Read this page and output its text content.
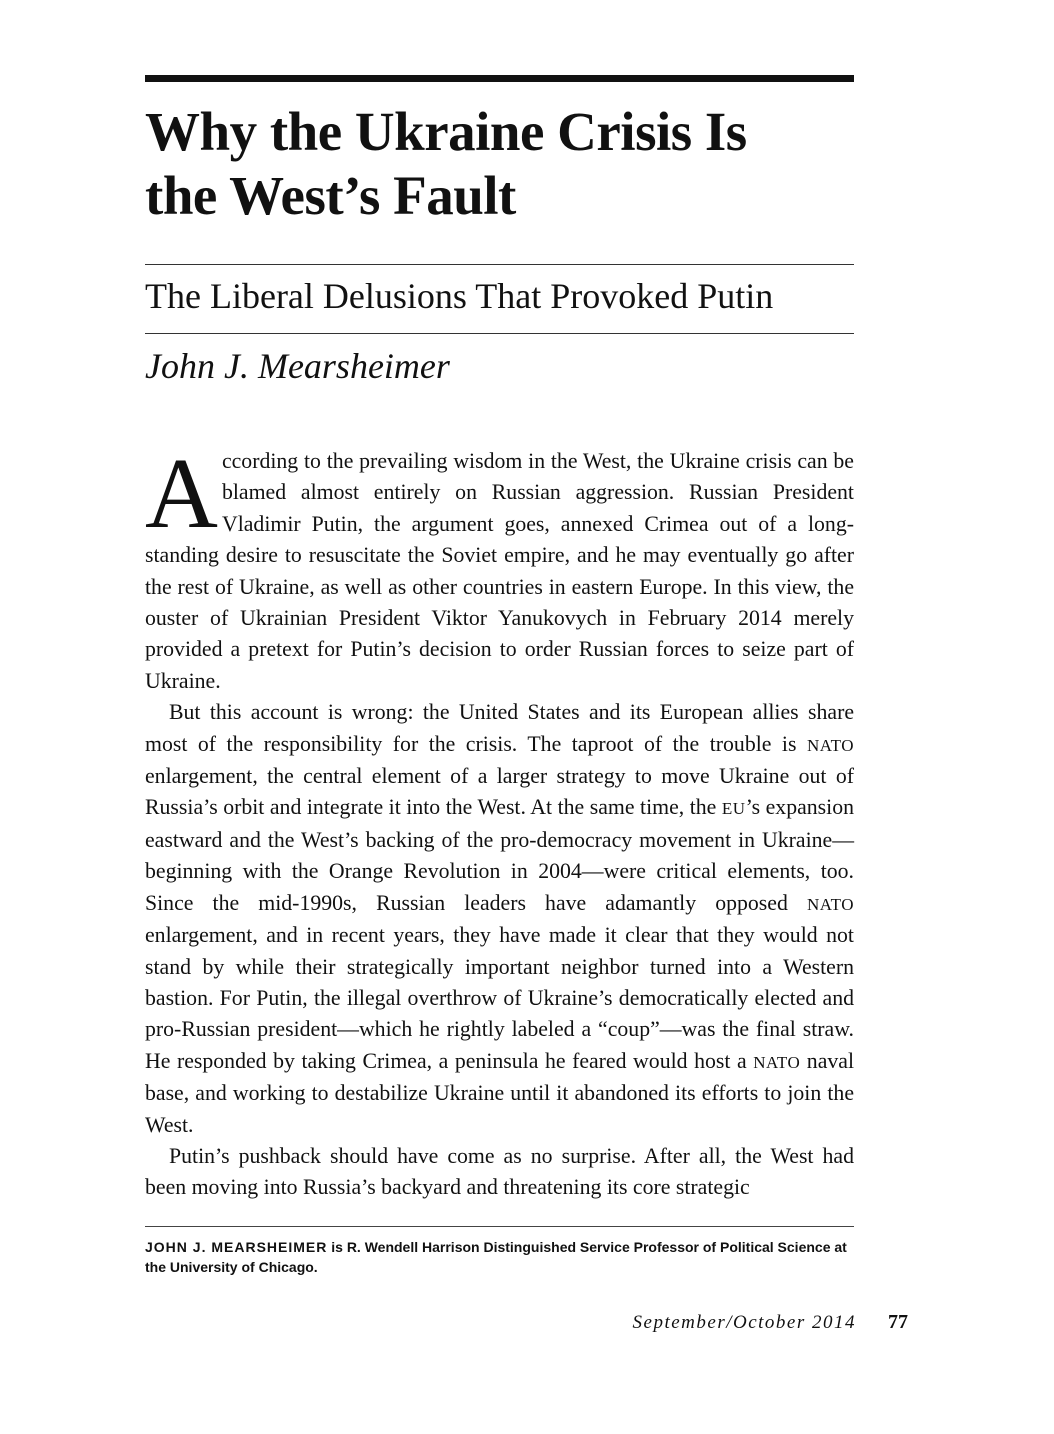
Why the Ukraine Crisis Is
the West’s Fault
The Liberal Delusions That Provoked Putin
John J. Mearsheimer

According to the prevailing wisdom in the West, the Ukraine crisis can be blamed almost entirely on Russian aggression. Russian President Vladimir Putin, the argument goes, annexed Crimea out of a long-standing desire to resuscitate the Soviet empire, and he may eventually go after the rest of Ukraine, as well as other countries in eastern Europe. In this view, the ouster of Ukrainian President Viktor Yanukovych in February 2014 merely provided a pretext for Putin’s decision to order Russian forces to seize part of Ukraine.

But this account is wrong: the United States and its European allies share most of the responsibility for the crisis. The taproot of the trouble is NATO enlargement, the central element of a larger strategy to move Ukraine out of Russia’s orbit and integrate it into the West. At the same time, the EU’s expansion eastward and the West’s backing of the pro-democracy movement in Ukraine—beginning with the Orange Revolution in 2004—were critical elements, too. Since the mid-1990s, Russian leaders have adamantly opposed NATO enlargement, and in recent years, they have made it clear that they would not stand by while their strategically important neighbor turned into a Western bastion. For Putin, the illegal overthrow of Ukraine’s democratically elected and pro-Russian president—which he rightly labeled a “coup”—was the final straw. He responded by taking Crimea, a peninsula he feared would host a NATO naval base, and working to destabilize Ukraine until it abandoned its efforts to join the West.

Putin’s pushback should have come as no surprise. After all, the West had been moving into Russia’s backyard and threatening its core strategic

JOHN J. MEARSHEIMER is R. Wendell Harrison Distinguished Service Professor of Political Science at the University of Chicago.
September/October 2014 77
